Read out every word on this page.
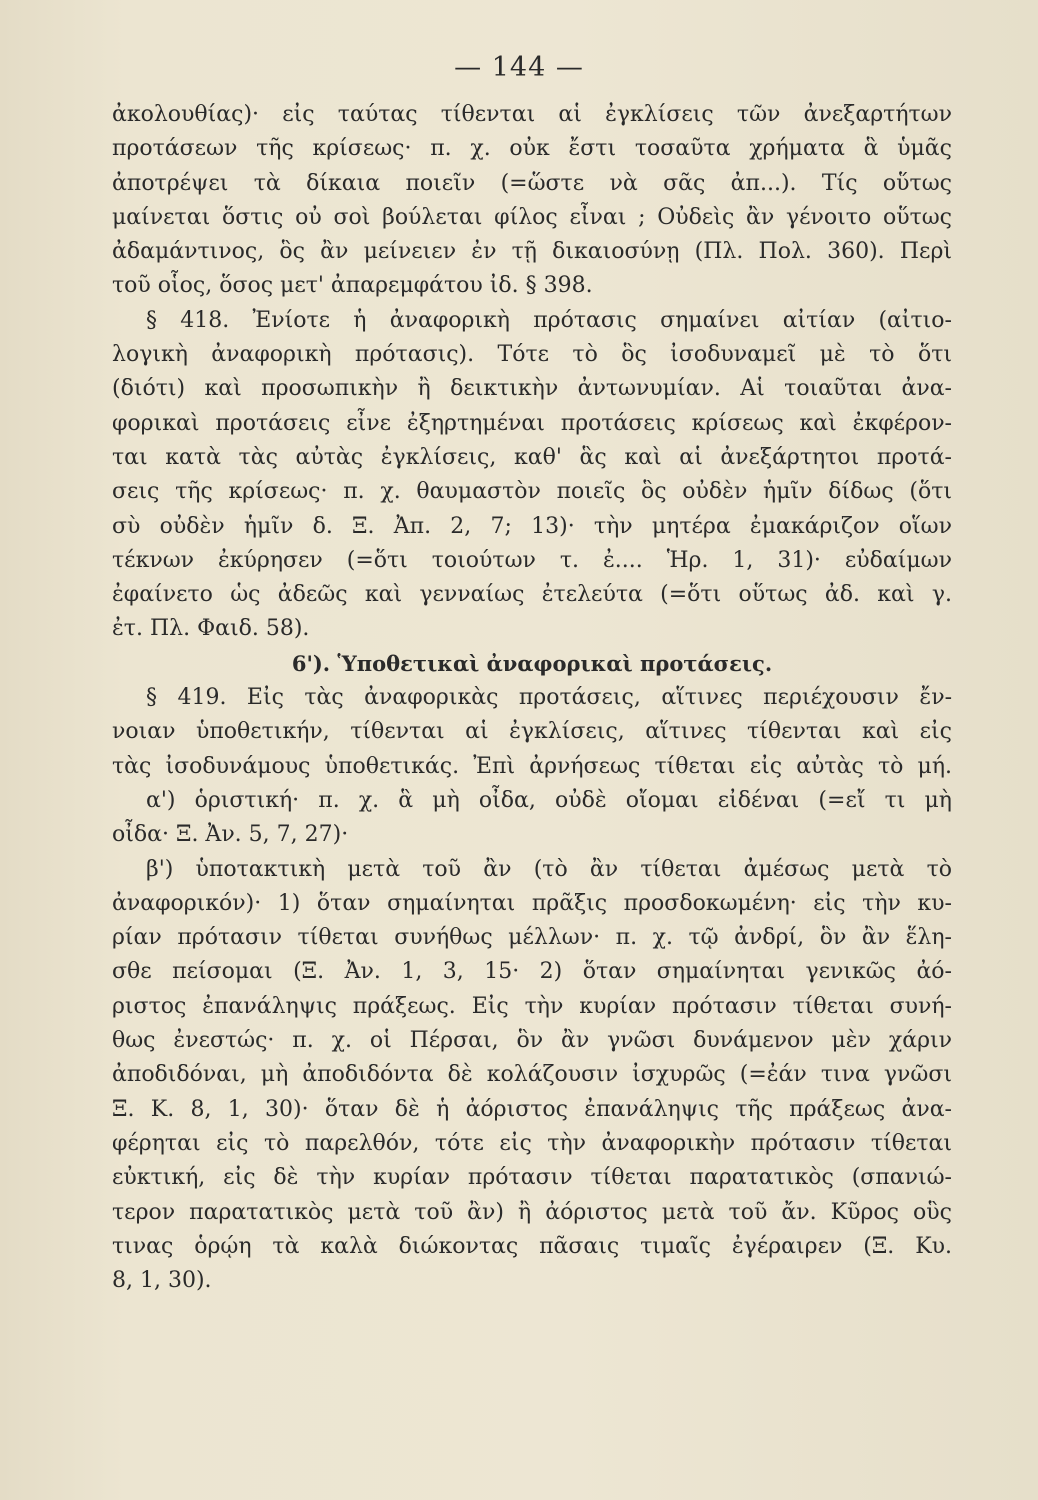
— 144 —
ἀκολουθίας)· εἰς ταύτας τίθενται αἱ ἐγκλίσεις τῶν ἀνεξαρτήτων
προτάσεων τῆς κρίσεως· π. χ. οὐκ ἔστι τοσαῦτα χρήματα ἃ ὑμᾶς
ἀποτρέψει τὰ δίκαια ποιεῖν (=ὥστε νὰ σᾶς ἀπ...). Τίς οὕτως
μαίνεται ὅστις οὐ σοὶ βούλεται φίλος εἶναι ; Οὐδεὶς ἂν γένοιτο οὕτως
ἀδαμάντινος, ὃς ἂν μείνειεν ἐν τῇ δικαιοσύνῃ (Πλ. Πολ. 360). Περὶ
τοῦ οἷος, ὅσος μετ' ἀπαρεμφάτου ἰδ. § 398.
§ 418. Ἐνίοτε ἡ ἀναφορικὴ πρότασις σημαίνει αἰτίαν (αἰτιο-
λογικὴ ἀναφορικὴ πρότασις). Τότε τὸ ὃς ἰσοδυναμεῖ μὲ τὸ ὅτι
(διότι) καὶ προσωπικὴν ἢ δεικτικὴν ἀντωνυμίαν. Αἱ τοιαῦται ἀνα-
φορικαὶ προτάσεις εἶνε ἐξηρτημέναι προτάσεις κρίσεως καὶ ἐκφέρον-
ται κατὰ τὰς αὐτὰς ἐγκλίσεις, καθ' ἃς καὶ αἱ ἀνεξάρτητοι προτά-
σεις τῆς κρίσεως· π. χ. θαυμαστὸν ποιεῖς ὃς οὐδὲν ἡμῖν δίδως (ὅτι
σὺ οὐδὲν ἡμῖν δ. Ξ. Ἀπ. 2, 7; 13)· τὴν μητέρα ἐμακάριζον οἵων
τέκνων ἐκύρησεν (=ὅτι τοιούτων τ. ἐ.... Ἡρ. 1, 31)· εὐδαίμων
ἐφαίνετο ὡς ἀδεῶς καὶ γενναίως ἐτελεύτα (=ὅτι οὕτως ἀδ. καὶ γ.
ἐτ. Πλ. Φαιδ. 58).
6'). Ὑποθετικαὶ ἀναφορικαὶ προτάσεις.
§ 419. Εἰς τὰς ἀναφορικὰς προτάσεις, αἵτινες περιέχουσιν ἔν-
νοιαν ὑποθετικήν, τίθενται αἱ ἐγκλίσεις, αἵτινες τίθενται καὶ εἰς
τὰς ἰσοδυνάμους ὑποθετικάς. Ἐπὶ ἀρνήσεως τίθεται εἰς αὐτὰς τὸ μή.
α') ὁριστική· π. χ. ἃ μὴ οἶδα, οὐδὲ οἴομαι εἰδέναι (=εἴ τι μὴ
οἶδα· Ξ. Ἀν. 5, 7, 27)·
β') ὑποτακτικὴ μετὰ τοῦ ἂν (τὸ ἂν τίθεται ἀμέσως μετὰ τὸ
ἀναφορικόν)· 1) ὅταν σημαίνηται πρᾶξις προσδοκωμένη· εἰς τὴν κυ-
ρίαν πρότασιν τίθεται συνήθως μέλλων· π. χ. τῷ ἀνδρί, ὃν ἂν ἕλη-
σθε πείσομαι (Ξ. Ἀν. 1, 3, 15· 2) ὅταν σημαίνηται γενικῶς ἀό-
ριστος ἐπανάληψις πράξεως. Εἰς τὴν κυρίαν πρότασιν τίθεται συνή-
θως ἐνεστώς· π. χ. οἱ Πέρσαι, ὃν ἂν γνῶσι δυνάμενον μὲν χάριν
ἀποδιδόναι, μὴ ἀποδιδόντα δὲ κολάζουσιν ἰσχυρῶς (=ἐάν τινα γνῶσι
Ξ. Κ. 8, 1, 30)· ὅταν δὲ ἡ ἀόριστος ἐπανάληψις τῆς πράξεως ἀνα-
φέρηται εἰς τὸ παρελθόν, τότε εἰς τὴν ἀναφορικὴν πρότασιν τίθεται
εὐκτική, εἰς δὲ τὴν κυρίαν πρότασιν τίθεται παρατατικὸς (σπανιώ-
τερον παρατατικὸς μετὰ τοῦ ἂν) ἢ ἀόριστος μετὰ τοῦ ἄν. Κῦρος οὓς
τινας ὁρῴη τὰ καλὰ διώκοντας πᾶσαις τιμαῖς ἐγέραιρεν (Ξ. Κυ.
8, 1, 30).
